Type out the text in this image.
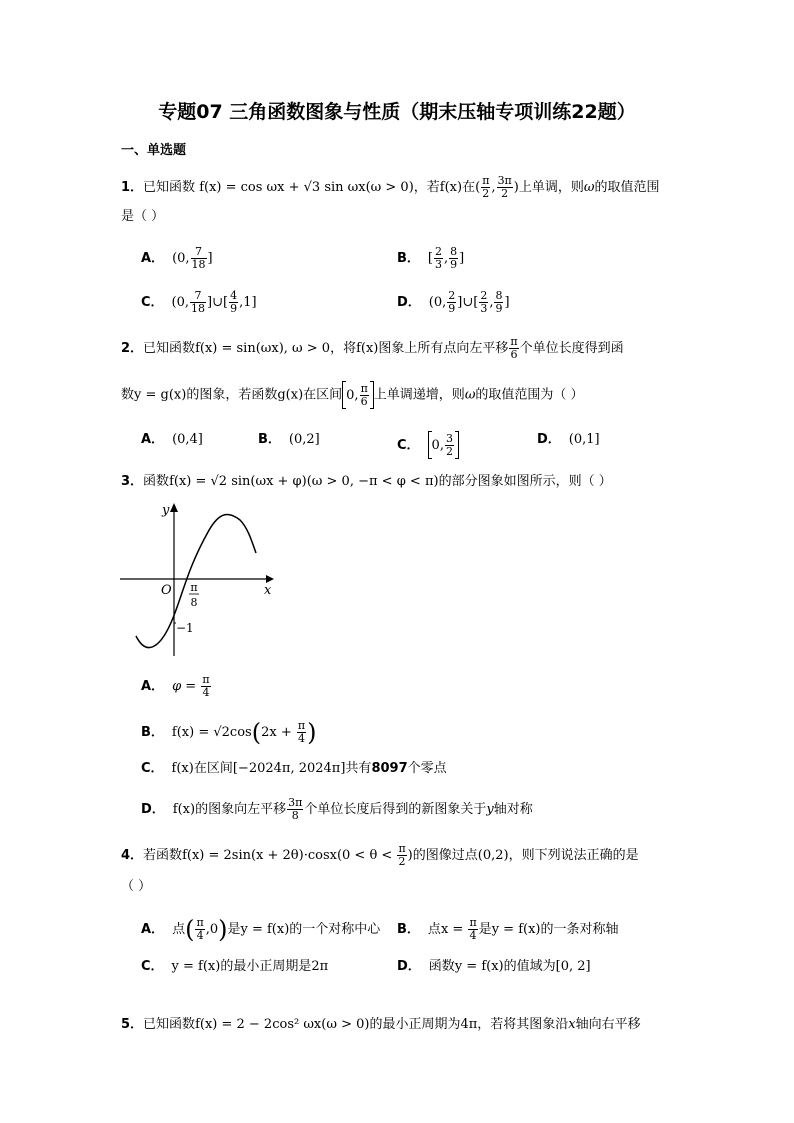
专题07 三角函数图象与性质（期末压轴专项训练22题）
一、单选题
1．已知函数 f(x) = cos ωx + √3 sin ωx(ω > 0)，若f(x)在( $\frac{\pi}{2}$ , $\frac{3\pi}{2}$ )上单调，则ω的取值范围
是（ ）
A． (0, $\frac{7}{18}$ ]	B． [ $\frac{2}{3}$ , $\frac{8}{9}$ ]
C． (0, $\frac{7}{18}$ ]∪[ $\frac{4}{9} ,1$]	D． (0, $\frac{2}{9}$ ]∪[ $\frac{2}{3}$ , $\frac{8}{9}$ ]
2．已知函数f(x) = sin(ωx), ω > 0，将f(x)图象上所有点向左平移 $\frac{\pi}{6}$ 个单位长度得到函
数y = g(x)的图象，若函数g(x)在区间 0, $\frac{\pi}{6}$ 上单调递增，则ω的取值范围为（ ）
A． (0,4]	B． (0,2]	C． 0, $\frac{3}{2}$	D． (0,1]
3．函数f(x) = √2 sin(ωx + φ)(ω > 0, −π < φ < π)的部分图象如图所示，则（ ）
y
x
O π
8
−1
A． $\varphi = \frac{\pi}{4}$
B． $f(x) = √2\cos(2x + \frac{\pi}{4}$ )
C． f(x)在区间[−2024π, 2024π]共有8097个零点
D． f(x)的图象向左平移 $\frac{3\pi}{8}$ 个单位长度后得到的新图象关于y轴对称
4．若函数$f(x) = 2\sin(x + 2\theta)\cdot\cos x(0 < \theta < \frac{\pi}{2}$ )的图像过点(0,2)，则下列说法正确的是
（ ）
A． 点( $\frac{\pi}{4} ,0$)是y = f(x)的一个对称中心 B． 点$x = \frac{\pi}{4}$ 是y = f(x)的一条对称轴
C． y = f(x)的最小正周期是2π	D． 函数y = f(x)的值域为[0, 2]
5．已知函数f(x) = 2 − 2cos² ωx(ω > 0)的最小正周期为4π，若将其图象沿x轴向右平移
